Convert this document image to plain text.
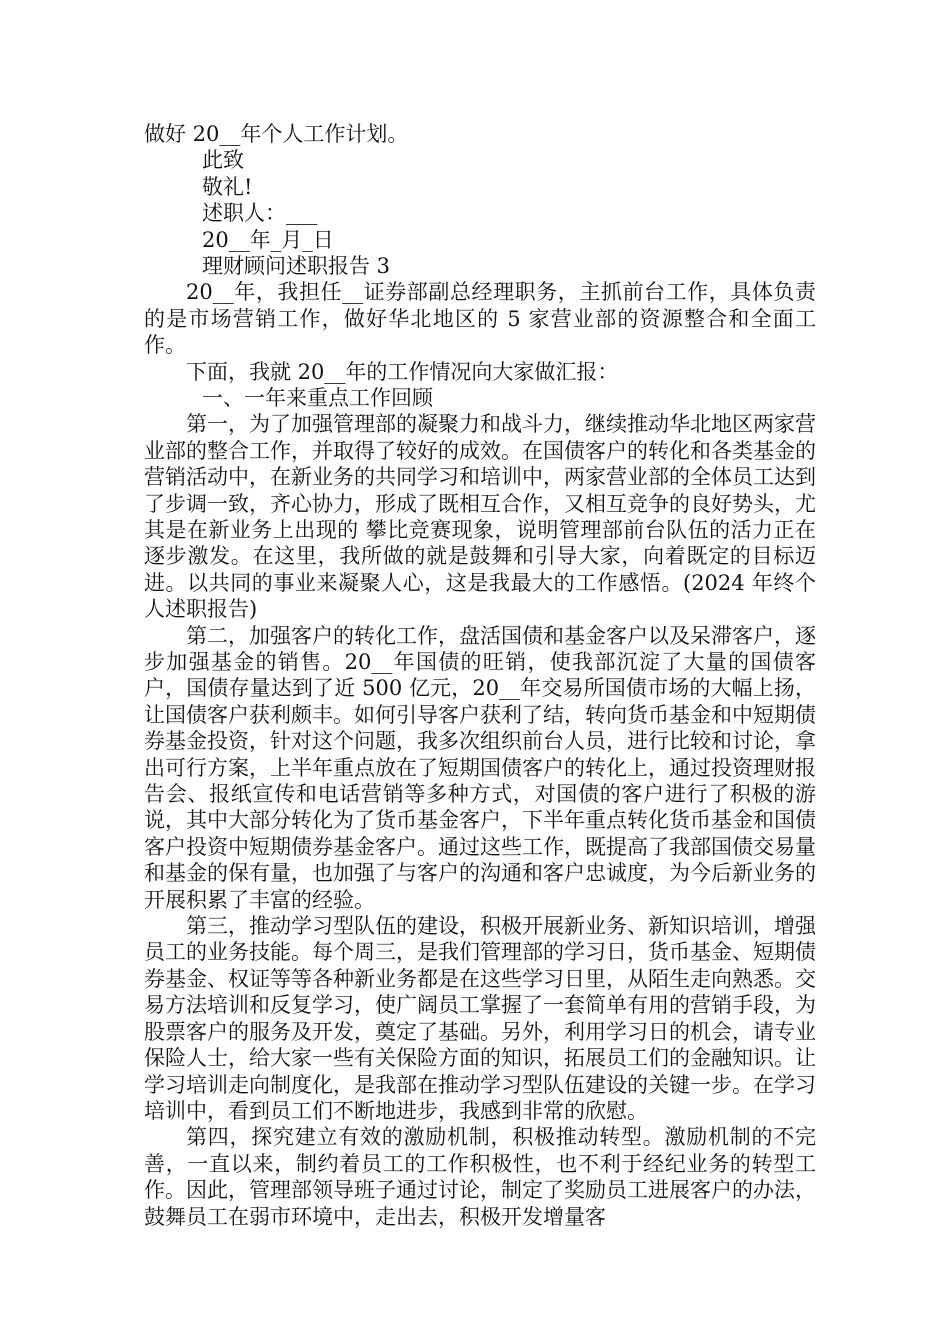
做好 20__年个人工作计划。
此致
敬礼!
述职人：___
20__年_月_日
理财顾问述职报告 3

20__年，我担任__证券部副总经理职务，主抓前台工作，具体负责的是市场营销工作，做好华北地区的 5 家营业部的资源整合和全面工作。

下面，我就 20__年的工作情况向大家做汇报：

一、一年来重点工作回顾

第一，为了加强管理部的凝聚力和战斗力，继续推动华北地区两家营业部的整合工作，并取得了较好的成效。在国债客户的转化和各类基金的营销活动中，在新业务的共同学习和培训中，两家营业部的全体员工达到了步调一致，齐心协力，形成了既相互合作，又相互竞争的良好势头，尤其是在新业务上出现的 攀比竞赛现象，说明管理部前台队伍的活力正在逐步激发。在这里，我所做的就是鼓舞和引导大家，向着既定的目标迈进。以共同的事业来凝聚人心，这是我最大的工作感悟。(2024 年终个人述职报告)

第二，加强客户的转化工作，盘活国债和基金客户以及呆滞客户，逐步加强基金的销售。20__年国债的旺销，使我部沉淀了大量的国债客户，国债存量达到了近 500 亿元，20__年交易所国债市场的大幅上扬，让国债客户获利颇丰。如何引导客户获利了结，转向货币基金和中短期债券基金投资，针对这个问题，我多次组织前台人员，进行比较和讨论，拿出可行方案，上半年重点放在了短期国债客户的转化上，通过投资理财报告会、报纸宣传和电话营销等多种方式，对国债的客户进行了积极的游说，其中大部分转化为了货币基金客户，下半年重点转化货币基金和国债客户投资中短期债券基金客户。通过这些工作，既提高了我部国债交易量和基金的保有量，也加强了与客户的沟通和客户忠诚度，为今后新业务的开展积累了丰富的经验。

第三，推动学习型队伍的建设，积极开展新业务、新知识培训，增强员工的业务技能。每个周三，是我们管理部的学习日，货币基金、短期债券基金、权证等等各种新业务都是在这些学习日里，从陌生走向熟悉。交易方法培训和反复学习，使广阔员工掌握了一套简单有用的营销手段，为股票客户的服务及开发，奠定了基础。另外，利用学习日的机会，请专业保险人士，给大家一些有关保险方面的知识，拓展员工们的金融知识。让学习培训走向制度化，是我部在推动学习型队伍建设的关键一步。在学习培训中，看到员工们不断地进步，我感到非常的欣慰。

第四，探究建立有效的激励机制，积极推动转型。激励机制的不完善，一直以来，制约着员工的工作积极性，也不利于经纪业务的转型工作。因此，管理部领导班子通过讨论，制定了奖励员工进展客户的办法，鼓舞员工在弱市环境中，走出去，积极开发增量客
